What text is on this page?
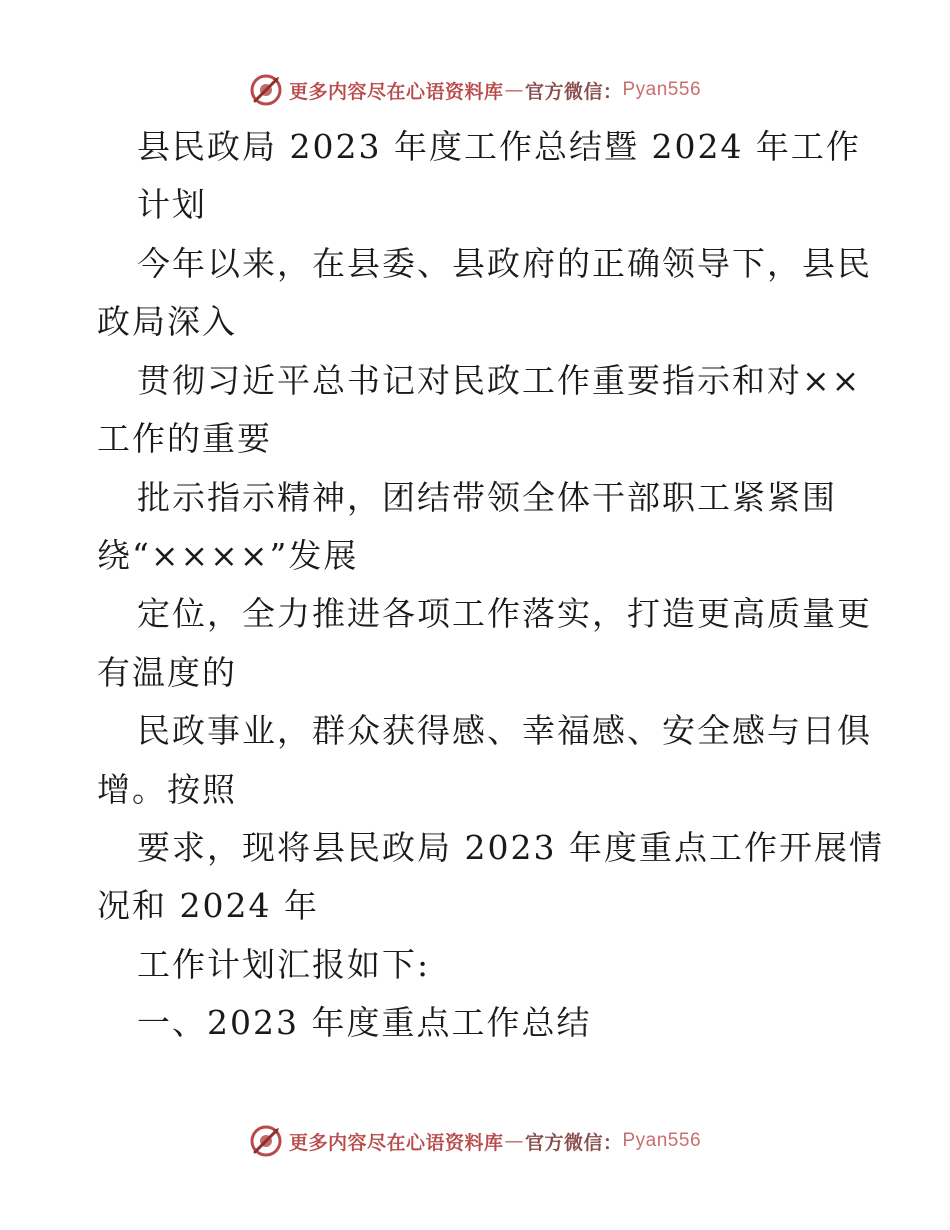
更多内容尽在心语资料库 — 官方微信： Pyan556
县民政局 2023 年度工作总结暨 2024 年工作
计划
今年以来，在县委、县政府的正确领导下，县民
政局深入
贯彻习近平总书记对民政工作重要指示和对××
工作的重要
批示指示精神，团结带领全体干部职工紧紧围
绕“××××”发展
定位，全力推进各项工作落实，打造更高质量更
有温度的
民政事业，群众获得感、幸福感、安全感与日俱
增。按照
要求，现将县民政局 2023 年度重点工作开展情
况和 2024 年
工作计划汇报如下:
一、2023 年度重点工作总结
更多内容尽在心语资料库 — 官方微信： Pyan556
